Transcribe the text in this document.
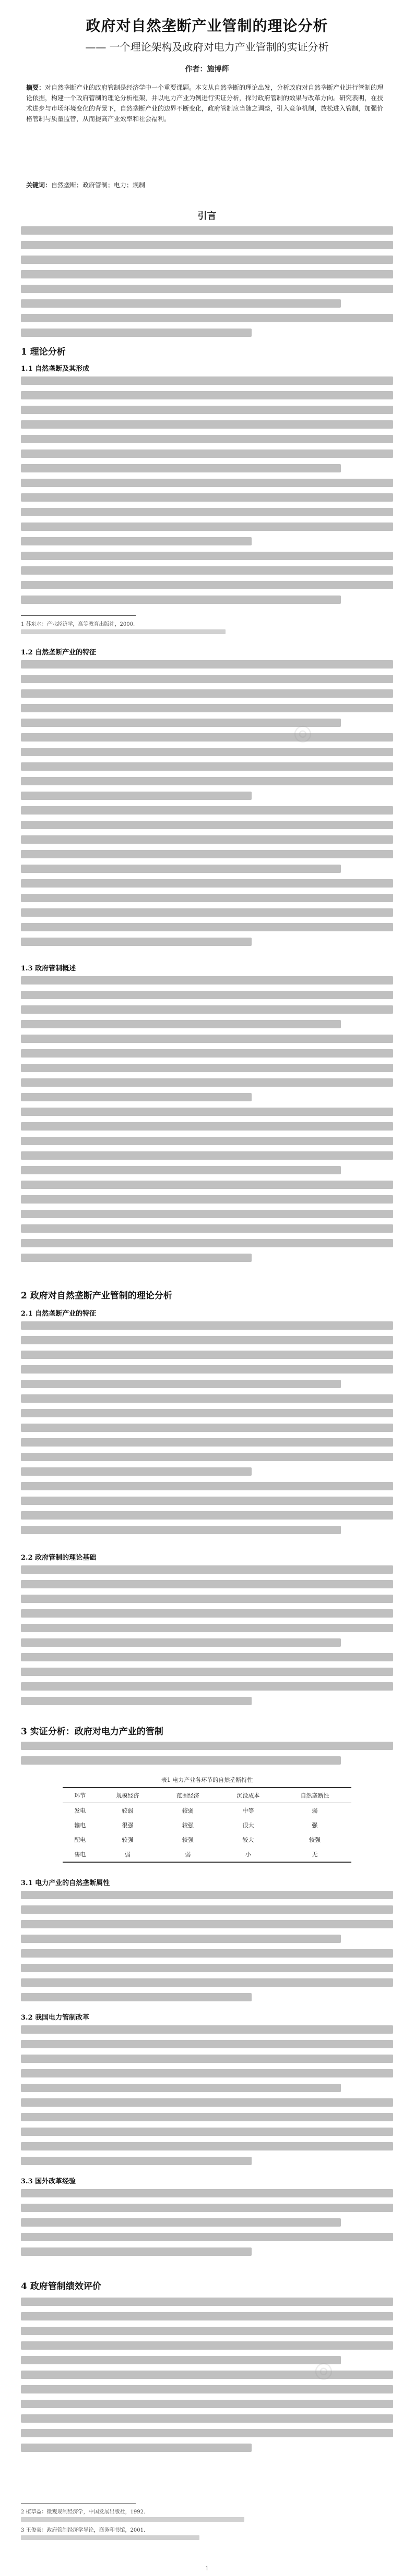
政府对自然垄断产业管制的理论分析
—— 一个理论架构及政府对电力产业管制的实证分析
作者：施博辉
摘要：对自然垄断产业的政府管制是经济学中一个重要课题。本文从自然垄断的理论出发，分析政府对自然垄断产业进行管制的理论依据，构建一个政府管制的理论分析框架，并以电力产业为例进行实证分析，探讨政府管制的效果与改革方向。研究表明，在技术进步与市场环境变化的背景下，自然垄断产业的边界不断变化，政府管制应当随之调整，引入竞争机制，放松进入管制，加强价格管制与质量监管，从而提高产业效率和社会福利。
关键词：自然垄断；政府管制；电力；规制
引言
1 理论分析
1.1 自然垄断及其形成
1 苏东水：产业经济学，高等教育出版社，2000.
1.2 自然垄断产业的特征
1.3 政府管制概述
◎
2 政府对自然垄断产业管制的理论分析
2.1 自然垄断产业的特征
2.2 政府管制的理论基础
3 实证分析：政府对电力产业的管制
表1 电力产业各环节的自然垄断特性
环节	规模经济	范围经济	沉没成本	自然垄断性
发电	较弱	较弱	中等	弱
输电	很强	较强	很大	强
配电	较强	较强	较大	较强
售电	弱	弱	小	无
3.1 电力产业的自然垄断属性
3.2 我国电力管制改革
3.3 国外改革经验
4 政府管制绩效评价
2 植草益：微观规制经济学，中国发展出版社，1992.
3 王俊豪：政府管制经济学导论，商务印书馆，2001.
◎
1
